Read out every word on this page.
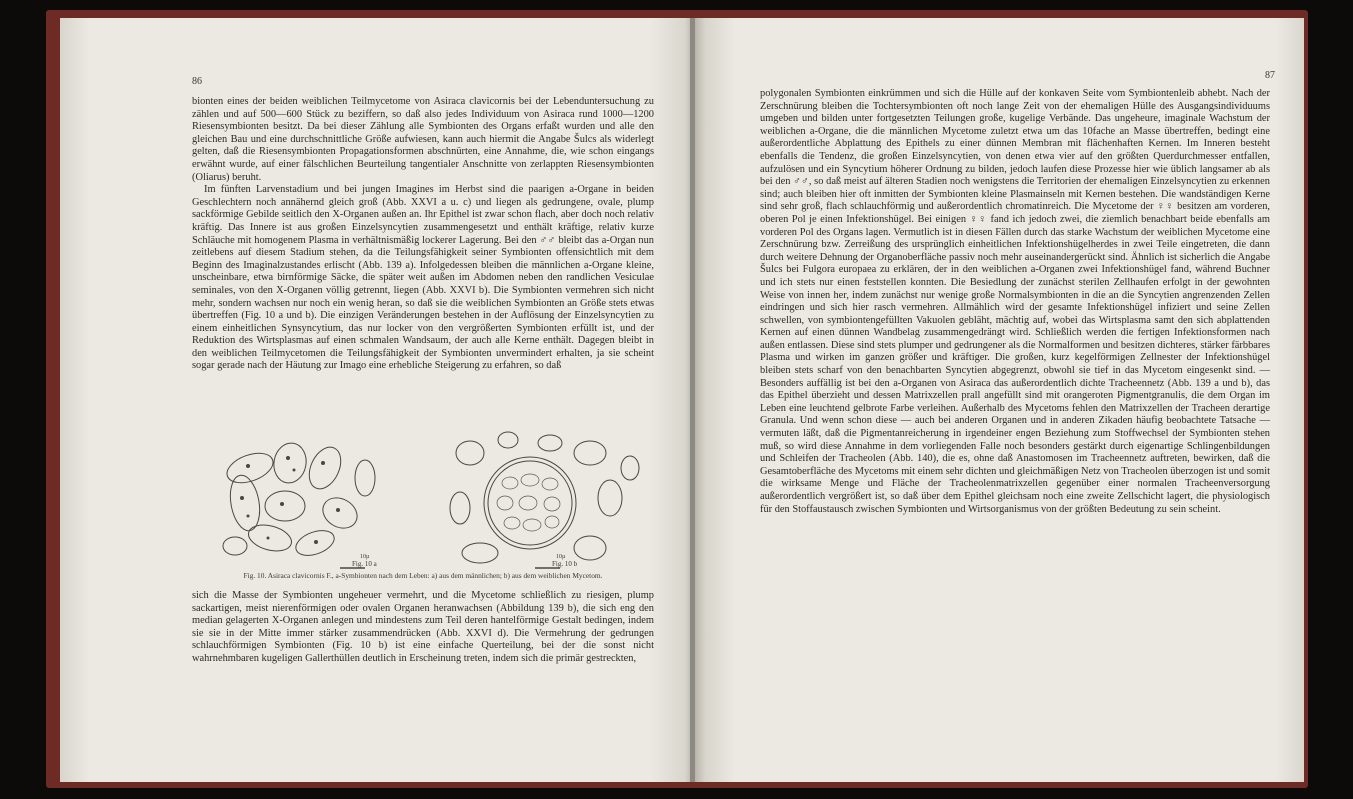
86

bionten eines der beiden weiblichen Teilmycetome von Asiraca clavicornis bei der Lebenduntersuchung zu zählen und auf 500—600 Stück zu beziffern, so daß also jedes Individuum von Asiraca rund 1000—1200 Riesensymbionten besitzt. Da bei dieser Zählung alle Symbionten des Organs erfaßt wurden und alle den gleichen Bau und eine durchschnittliche Größe aufwiesen, kann auch hiermit die Angabe Šulcs als widerlegt gelten, daß die Riesensymbionten Propagationsformen abschnürten, eine Annahme, die, wie schon eingangs erwähnt wurde, auf einer fälschlichen Beurteilung tangentialer Anschnitte von zerlappten Riesensymbionten (Oliarus) beruht.

Im fünften Larvenstadium und bei jungen Imagines im Herbst sind die paarigen a-Organe in beiden Geschlechtern noch annähernd gleich groß (Abb. XXVI a u. c) und liegen als gedrungene, ovale, plump sackförmige Gebilde seitlich den X-Organen außen an. Ihr Epithel ist zwar schon flach, aber doch noch relativ kräftig. Das Innere ist aus großen Einzelsyncytien zusammengesetzt und enthält kräftige, relativ kurze Schläuche mit homogenem Plasma in verhältnismäßig lockerer Lagerung. Bei den ♂♂ bleibt das a-Organ nun zeitlebens auf diesem Stadium stehen, da die Teilungsfähigkeit seiner Symbionten offensichtlich mit dem Beginn des Imaginalzustandes erlischt (Abb. 139 a). Infolgedessen bleiben die männlichen a-Organe kleine, unscheinbare, etwa birnförmige Säcke, die später weit außen im Abdomen neben den randlichen Vesiculae seminales, von den X-Organen völlig getrennt, liegen (Abb. XXVI b). Die Symbionten vermehren sich nicht mehr, sondern wachsen nur noch ein wenig heran, so daß sie die weiblichen Symbionten an Größe stets etwas übertreffen (Fig. 10 a und b). Die einzigen Veränderungen bestehen in der Auflösung der Einzelsyncytien zu einem einheitlichen Synsyncytium, das nur locker von den vergrößerten Symbionten erfüllt ist, und der Reduktion des Wirtsplasmas auf einen schmalen Wandsaum, der auch alle Kerne enthält. Dagegen bleibt in den weiblichen Teilmycetomen die Teilungsfähigkeit der Symbionten unvermindert erhalten, ja sie scheint sogar gerade nach der Häutung zur Imago eine erhebliche Steigerung zu erfahren, so daß

Fig. 10 a	Fig. 10 b
10µ	10µ
Fig. 10. Asiraca clavicornis F., a-Symbionten nach dem Leben: a) aus dem männlichen; b) aus dem weiblichen Mycetom.

sich die Masse der Symbionten ungeheuer vermehrt, und die Mycetome schließlich zu riesigen, plump sackartigen, meist nierenförmigen oder ovalen Organen heranwachsen (Abbildung 139 b), die sich eng den median gelagerten X-Organen anlegen und mindestens zum Teil deren hantelförmige Gestalt bedingen, indem sie sie in der Mitte immer stärker zusammendrücken (Abb. XXVI d). Die Vermehrung der gedrungen schlauchförmigen Symbionten (Fig. 10 b) ist eine einfache Querteilung, bei der die sonst nicht wahrnehmbaren kugeligen Gallerthüllen deutlich in Erscheinung treten, indem sich die primär gestreckten,

87

polygonalen Symbionten einkrümmen und sich die Hülle auf der konkaven Seite vom Symbiontenleib abhebt. Nach der Zerschnürung bleiben die Tochtersymbionten oft noch lange Zeit von der ehemaligen Hülle des Ausgangsindividuums umgeben und bilden unter fortgesetzten Teilungen große, kugelige Verbände. Das ungeheure, imaginale Wachstum der weiblichen a-Organe, die die männlichen Mycetome zuletzt etwa um das 10fache an Masse übertreffen, bedingt eine außerordentliche Abplattung des Epithels zu einer dünnen Membran mit flächenhaften Kernen. Im Inneren besteht ebenfalls die Tendenz, die großen Einzelsyncytien, von denen etwa vier auf den größten Querdurchmesser entfallen, aufzulösen und ein Syncytium höherer Ordnung zu bilden, jedoch laufen diese Prozesse hier wie üblich langsamer ab als bei den ♂♂, so daß meist auf älteren Stadien noch wenigstens die Territorien der ehemaligen Einzelsyncytien zu erkennen sind; auch bleiben hier oft inmitten der Symbionten kleine Plasmainseln mit Kernen bestehen. Die wandständigen Kerne sind sehr groß, flach schlauchförmig und außerordentlich chromatinreich. Die Mycetome der ♀♀ besitzen am vorderen, oberen Pol je einen Infektionshügel. Bei einigen ♀♀ fand ich jedoch zwei, die ziemlich benachbart beide ebenfalls am vorderen Pol des Organs lagen. Vermutlich ist in diesen Fällen durch das starke Wachstum der weiblichen Mycetome eine Zerschnürung bzw. Zerreißung des ursprünglich einheitlichen Infektionshügelherdes in zwei Teile eingetreten, die dann durch weitere Dehnung der Organoberfläche passiv noch mehr auseinandergerückt sind. Ähnlich ist sicherlich die Angabe Šulcs bei Fulgora europaea zu erklären, der in den weiblichen a-Organen zwei Infektionshügel fand, während Buchner und ich stets nur einen feststellen konnten. Die Besiedlung der zunächst sterilen Zellhaufen erfolgt in der gewohnten Weise von innen her, indem zunächst nur wenige große Normalsymbionten in die an die Syncytien angrenzenden Zellen eindringen und sich hier rasch vermehren. Allmählich wird der gesamte Infektionshügel infiziert und seine Zellen schwellen, von symbiontengefüllten Vakuolen gebläht, mächtig auf, wobei das Wirtsplasma samt den sich abplattenden Kernen auf einen dünnen Wandbelag zusammengedrängt wird. Schließlich werden die fertigen Infektionsformen nach außen entlassen. Diese sind stets plumper und gedrungener als die Normalformen und besitzen dichteres, stärker färbbares Plasma und wirken im ganzen größer und kräftiger. Die großen, kurz kegelförmigen Zellnester der Infektionshügel bleiben stets scharf von den benachbarten Syncytien abgegrenzt, obwohl sie tief in das Mycetom eingesenkt sind. — Besonders auffällig ist bei den a-Organen von Asiraca das außerordentlich dichte Tracheennetz (Abb. 139 a und b), das das Epithel überzieht und dessen Matrixzellen prall angefüllt sind mit orangeroten Pigmentgranulis, die dem Organ im Leben eine leuchtend gelbrote Farbe verleihen. Außerhalb des Mycetoms fehlen den Matrixzellen der Tracheen derartige Granula. Und wenn schon diese — auch bei anderen Organen und in anderen Zikaden häufig beobachtete Tatsache — vermuten läßt, daß die Pigmentanreicherung in irgendeiner engen Beziehung zum Stoffwechsel der Symbionten stehen muß, so wird diese Annahme in dem vorliegenden Falle noch besonders gestärkt durch eigenartige Schlingenbildungen und Schleifen der Tracheolen (Abb. 140), die es, ohne daß Anastomosen im Tracheennetz auftreten, bewirken, daß die Gesamtoberfläche des Mycetoms mit einem sehr dichten und gleichmäßigen Netz von Tracheolen überzogen ist und somit die wirksame Menge und Fläche der Tracheolenmatrixzellen gegenüber einer normalen Tracheenversorgung außerordentlich vergrößert ist, so daß über dem Epithel gleichsam noch eine zweite Zellschicht lagert, die physiologisch für den Stoffaustausch zwischen Symbionten und Wirtsorganismus von der größten Bedeutung zu sein scheint.
